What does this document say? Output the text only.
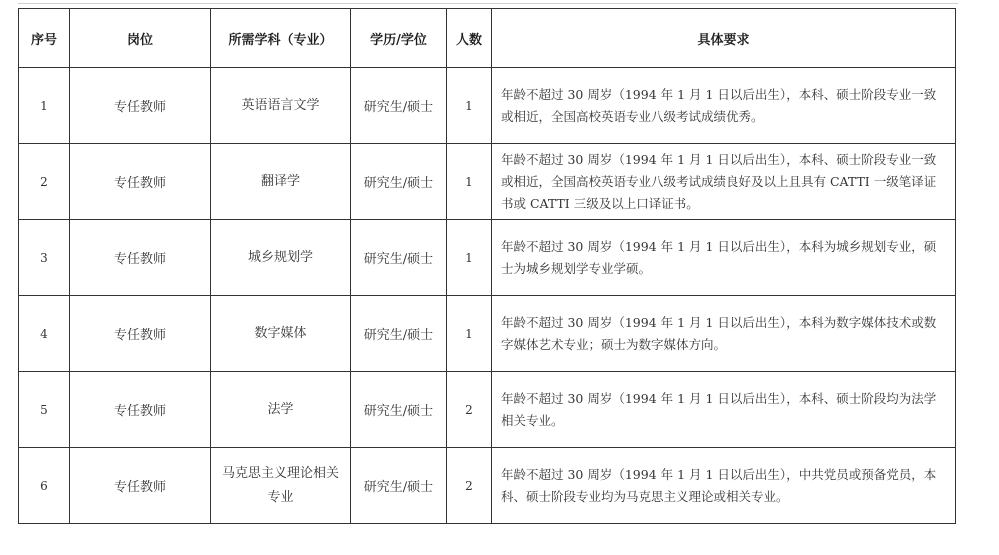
序号	岗位	所需学科（专业）	学历/学位	人数	具体要求
1	专任教师	英语语言文学	研究生/硕士	1	年龄不超过 30 周岁（1994 年 1 月 1 日以后出生），本科、硕士阶段专业一致或相近，全国高校英语专业八级考试成绩优秀。
2	专任教师	翻译学	研究生/硕士	1	年龄不超过 30 周岁（1994 年 1 月 1 日以后出生），本科、硕士阶段专业一致或相近，全国高校英语专业八级考试成绩良好及以上且具有 CATTI 一级笔译证书或 CATTI 三级及以上口译证书。
3	专任教师	城乡规划学	研究生/硕士	1	年龄不超过 30 周岁（1994 年 1 月 1 日以后出生），本科为城乡规划专业，硕士为城乡规划学专业学硕。
4	专任教师	数字媒体	研究生/硕士	1	年龄不超过 30 周岁（1994 年 1 月 1 日以后出生），本科为数字媒体技术或数字媒体艺术专业；硕士为数字媒体方向。
5	专任教师	法学	研究生/硕士	2	年龄不超过 30 周岁（1994 年 1 月 1 日以后出生），本科、硕士阶段均为法学相关专业。
6	专任教师	马克思主义理论相关专业	研究生/硕士	2	年龄不超过 30 周岁（1994 年 1 月 1 日以后出生），中共党员或预备党员，本科、硕士阶段专业均为马克思主义理论或相关专业。
